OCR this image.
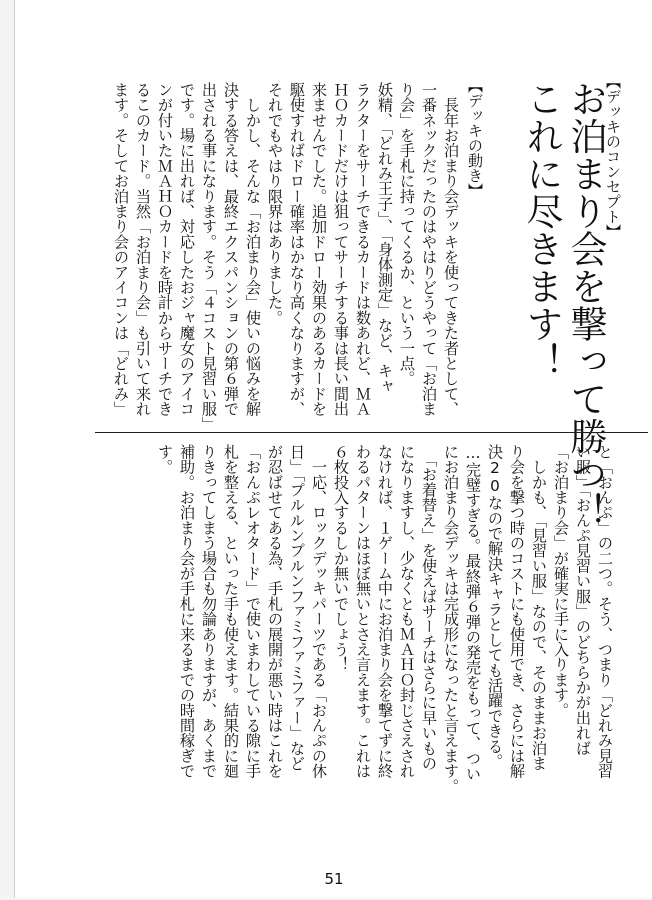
【デッキのコンセプト】

お泊まり会を撃って勝つ！

これに尽きます！

【デッキの動き】

　長年お泊まり会デッキを使ってきた者として、

一番ネックだったのはやはりどうやって「お泊ま

り会」を手札に持ってくるか、という一点。

妖精、「どれみ王子」、「身体測定」など、キャ

ラクターをサーチできるカードは数あれど、ＭＡ

ＨＯカードだけは狙ってサーチする事は長い間出

来ませんでした。追加ドロー効果のあるカードを

駆使すればドロー確率はかなり高くなりますが、

それでもやはり限界はありました。

　しかし、そんな「お泊まり会」使いの悩みを解

決する答えは、最終エクスパンションの第６弾で

出される事になります。そう「４コスト見習い服」

です。場に出れば、対応したおジャ魔女のアイコ

ンが付いたＭＡＨＯカードを時計からサーチでき

るこのカード。当然「お泊まり会」も引いて来れ

ます。そしてお泊まり会のアイコンは「どれみ」

と「おんぷ」の二つ。そう、つまり「どれみ見習

い服」「おんぷ見習い服」のどちらかが出れば

「お泊まり会」が確実に手に入ります。

　しかも、「見習い服」なので、そのままお泊ま

り会を撃つ時のコストにも使用でき、さらには解

決20なので解決キャラとしても活躍できる。

…完璧すぎる。最終弾６弾の発売をもって、つい

にお泊まり会デッキは完成形になったと言えます。

　「お着替え」を使えばサーチはさらに早いもの

になりますし、少なくともＭＡＨＯ封じさえされ

なければ、１ゲーム中にお泊まり会を撃てずに終

わるパターンはほぼ無いとさえ言えます。これは

６枚投入するしか無いでしょう！

　一応、ロックデッキパーツである「おんぷの休

日」「プルルンプルンファミファミファー」など

が忍ばせてある為、手札の展開が悪い時はこれを

「おんぷレオタード」で使いまわしている隙に手

札を整える、といった手も使えます。結果的に廻

りきってしまう場合も勿論ありますが、あくまで

補助。お泊まり会が手札に来るまでの時間稼ぎで

す。

51
